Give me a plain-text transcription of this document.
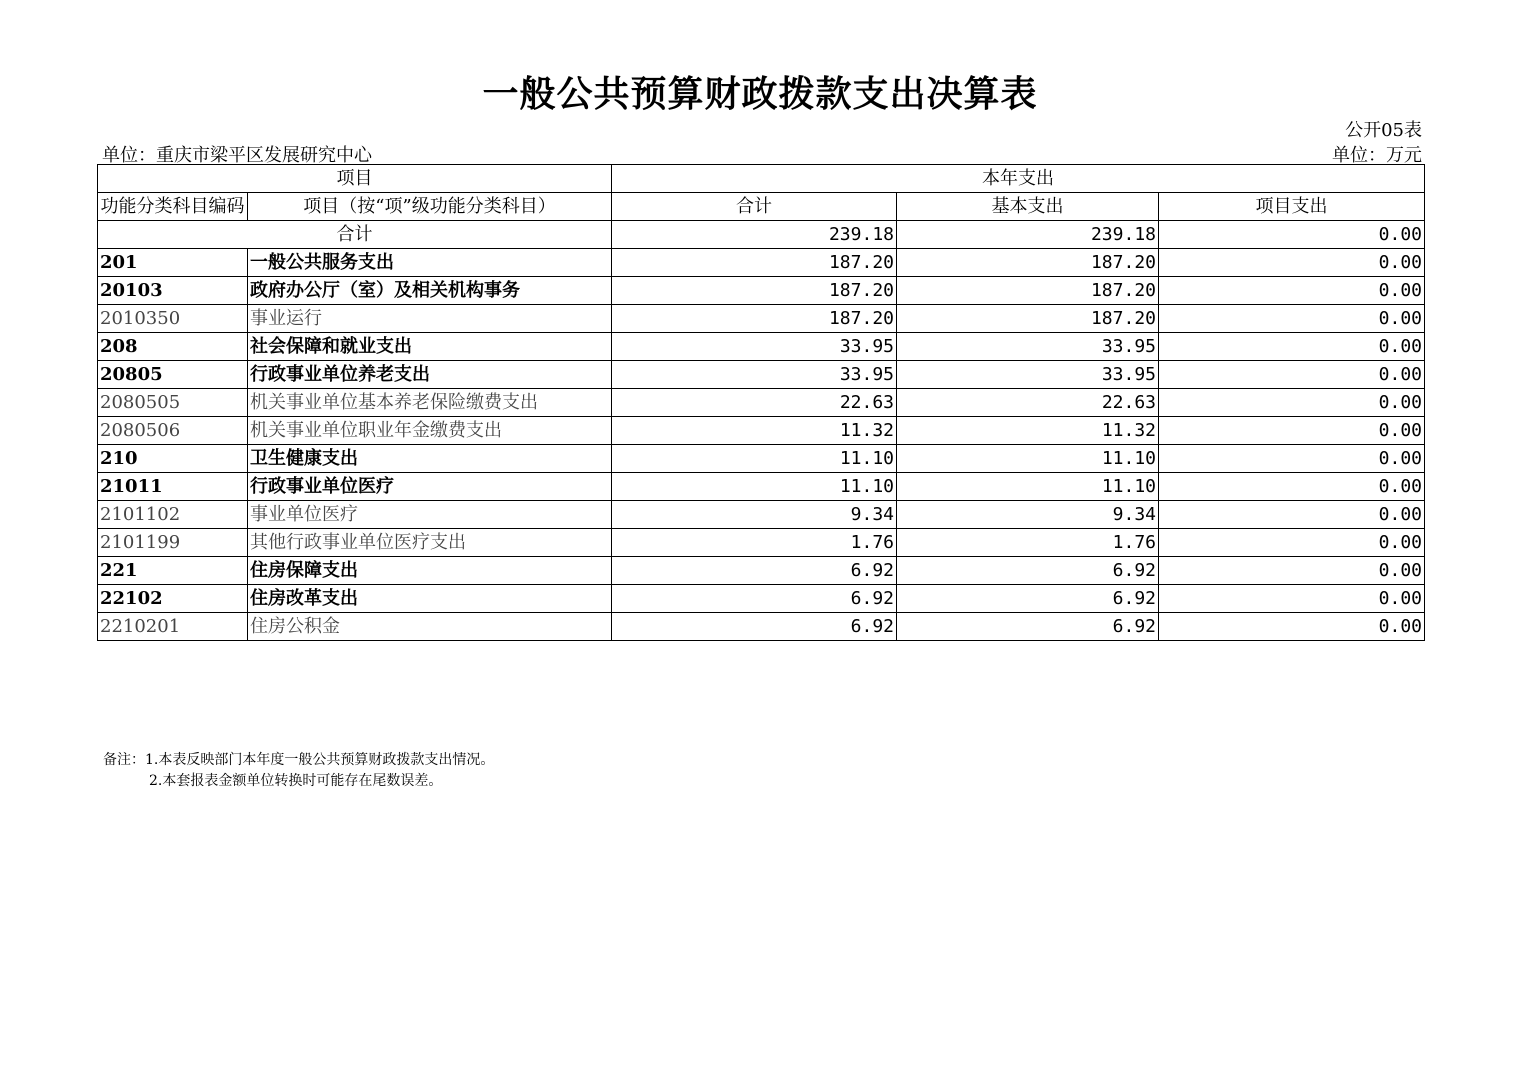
一般公共预算财政拨款支出决算表
公开05表
单位：重庆市梁平区发展研究中心	单位：万元
项目		本年支出		
功能分类科目编码	项目（按“项”级功能分类科目）	合计	基本支出	项目支出
合计		239.18	239.18	0.00
201	一般公共服务支出	187.20	187.20	0.00
20103	政府办公厅（室）及相关机构事务	187.20	187.20	0.00
2010350	事业运行	187.20	187.20	0.00
208	社会保障和就业支出	33.95	33.95	0.00
20805	行政事业单位养老支出	33.95	33.95	0.00
2080505	机关事业单位基本养老保险缴费支出	22.63	22.63	0.00
2080506	机关事业单位职业年金缴费支出	11.32	11.32	0.00
210	卫生健康支出	11.10	11.10	0.00
21011	行政事业单位医疗	11.10	11.10	0.00
2101102	事业单位医疗	9.34	9.34	0.00
2101199	其他行政事业单位医疗支出	1.76	1.76	0.00
221	住房保障支出	6.92	6.92	0.00
22102	住房改革支出	6.92	6.92	0.00
2210201	住房公积金	6.92	6.92	0.00
备注：1.本表反映部门本年度一般公共预算财政拨款支出情况。
2.本套报表金额单位转换时可能存在尾数误差。
